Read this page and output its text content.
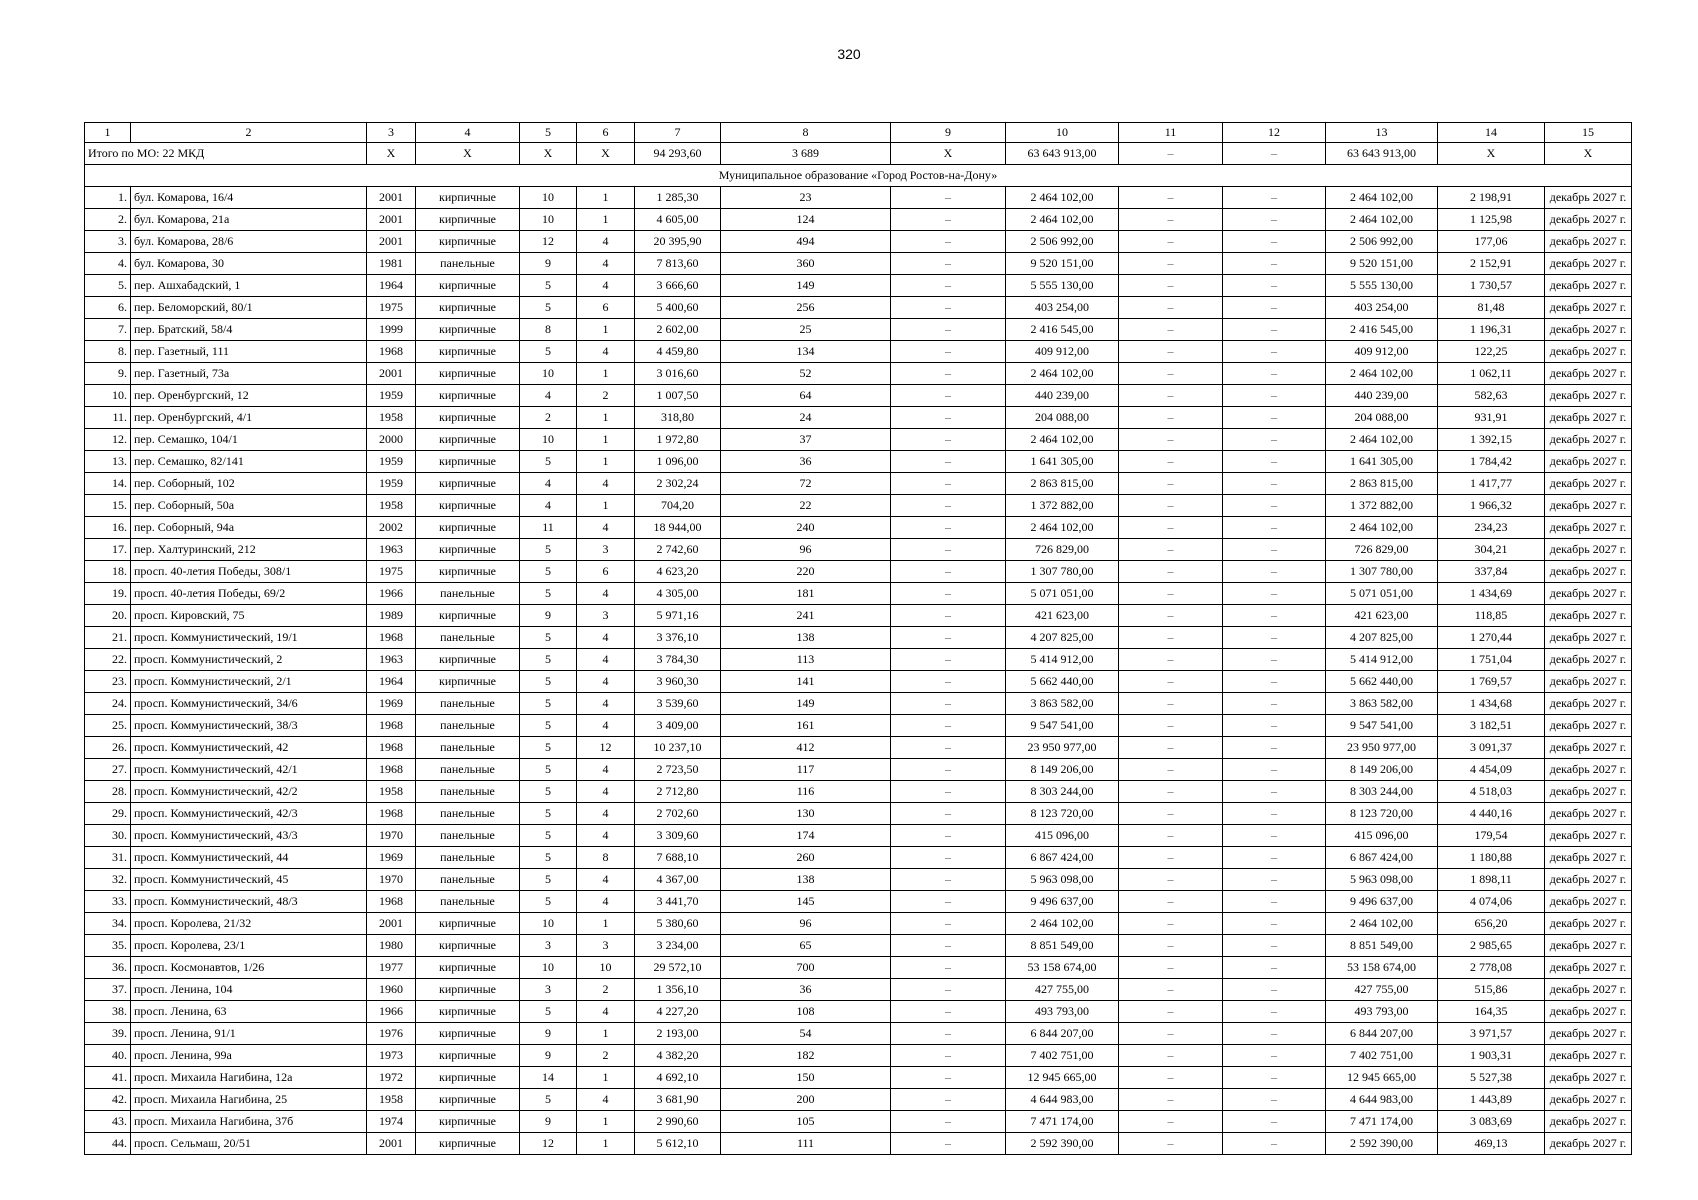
320
1	2	3	4	5	6	7	8	9	10	11	12	13	14	15
Итого по МО: 22 МКД		Х	Х	Х	Х	94 293,60	3 689	Х	63 643 913,00	–	–	63 643 913,00	Х	Х
Муниципальное образование «Город Ростов-на-Дону»														
1.	бул. Комарова, 16/4	2001	кирпичные	10	1	1 285,30	23	–	2 464 102,00	–	–	2 464 102,00	2 198,91	декабрь 2027 г.
2.	бул. Комарова, 21а	2001	кирпичные	10	1	4 605,00	124	–	2 464 102,00	–	–	2 464 102,00	1 125,98	декабрь 2027 г.
3.	бул. Комарова, 28/6	2001	кирпичные	12	4	20 395,90	494	–	2 506 992,00	–	–	2 506 992,00	177,06	декабрь 2027 г.
4.	бул. Комарова, 30	1981	панельные	9	4	7 813,60	360	–	9 520 151,00	–	–	9 520 151,00	2 152,91	декабрь 2027 г.
5.	пер. Ашхабадский, 1	1964	кирпичные	5	4	3 666,60	149	–	5 555 130,00	–	–	5 555 130,00	1 730,57	декабрь 2027 г.
6.	пер. Беломорский, 80/1	1975	кирпичные	5	6	5 400,60	256	–	403 254,00	–	–	403 254,00	81,48	декабрь 2027 г.
7.	пер. Братский, 58/4	1999	кирпичные	8	1	2 602,00	25	–	2 416 545,00	–	–	2 416 545,00	1 196,31	декабрь 2027 г.
8.	пер. Газетный, 111	1968	кирпичные	5	4	4 459,80	134	–	409 912,00	–	–	409 912,00	122,25	декабрь 2027 г.
9.	пер. Газетный, 73а	2001	кирпичные	10	1	3 016,60	52	–	2 464 102,00	–	–	2 464 102,00	1 062,11	декабрь 2027 г.
10.	пер. Оренбургский, 12	1959	кирпичные	4	2	1 007,50	64	–	440 239,00	–	–	440 239,00	582,63	декабрь 2027 г.
11.	пер. Оренбургский, 4/1	1958	кирпичные	2	1	318,80	24	–	204 088,00	–	–	204 088,00	931,91	декабрь 2027 г.
12.	пер. Семашко, 104/1	2000	кирпичные	10	1	1 972,80	37	–	2 464 102,00	–	–	2 464 102,00	1 392,15	декабрь 2027 г.
13.	пер. Семашко, 82/141	1959	кирпичные	5	1	1 096,00	36	–	1 641 305,00	–	–	1 641 305,00	1 784,42	декабрь 2027 г.
14.	пер. Соборный, 102	1959	кирпичные	4	4	2 302,24	72	–	2 863 815,00	–	–	2 863 815,00	1 417,77	декабрь 2027 г.
15.	пер. Соборный, 50а	1958	кирпичные	4	1	704,20	22	–	1 372 882,00	–	–	1 372 882,00	1 966,32	декабрь 2027 г.
16.	пер. Соборный, 94а	2002	кирпичные	11	4	18 944,00	240	–	2 464 102,00	–	–	2 464 102,00	234,23	декабрь 2027 г.
17.	пер. Халтуринский, 212	1963	кирпичные	5	3	2 742,60	96	–	726 829,00	–	–	726 829,00	304,21	декабрь 2027 г.
18.	просп. 40-летия Победы, 308/1	1975	кирпичные	5	6	4 623,20	220	–	1 307 780,00	–	–	1 307 780,00	337,84	декабрь 2027 г.
19.	просп. 40-летия Победы, 69/2	1966	панельные	5	4	4 305,00	181	–	5 071 051,00	–	–	5 071 051,00	1 434,69	декабрь 2027 г.
20.	просп. Кировский, 75	1989	кирпичные	9	3	5 971,16	241	–	421 623,00	–	–	421 623,00	118,85	декабрь 2027 г.
21.	просп. Коммунистический, 19/1	1968	панельные	5	4	3 376,10	138	–	4 207 825,00	–	–	4 207 825,00	1 270,44	декабрь 2027 г.
22.	просп. Коммунистический, 2	1963	кирпичные	5	4	3 784,30	113	–	5 414 912,00	–	–	5 414 912,00	1 751,04	декабрь 2027 г.
23.	просп. Коммунистический, 2/1	1964	кирпичные	5	4	3 960,30	141	–	5 662 440,00	–	–	5 662 440,00	1 769,57	декабрь 2027 г.
24.	просп. Коммунистический, 34/6	1969	панельные	5	4	3 539,60	149	–	3 863 582,00	–	–	3 863 582,00	1 434,68	декабрь 2027 г.
25.	просп. Коммунистический, 38/3	1968	панельные	5	4	3 409,00	161	–	9 547 541,00	–	–	9 547 541,00	3 182,51	декабрь 2027 г.
26.	просп. Коммунистический, 42	1968	панельные	5	12	10 237,10	412	–	23 950 977,00	–	–	23 950 977,00	3 091,37	декабрь 2027 г.
27.	просп. Коммунистический, 42/1	1968	панельные	5	4	2 723,50	117	–	8 149 206,00	–	–	8 149 206,00	4 454,09	декабрь 2027 г.
28.	просп. Коммунистический, 42/2	1958	панельные	5	4	2 712,80	116	–	8 303 244,00	–	–	8 303 244,00	4 518,03	декабрь 2027 г.
29.	просп. Коммунистический, 42/3	1968	панельные	5	4	2 702,60	130	–	8 123 720,00	–	–	8 123 720,00	4 440,16	декабрь 2027 г.
30.	просп. Коммунистический, 43/3	1970	панельные	5	4	3 309,60	174	–	415 096,00	–	–	415 096,00	179,54	декабрь 2027 г.
31.	просп. Коммунистический, 44	1969	панельные	5	8	7 688,10	260	–	6 867 424,00	–	–	6 867 424,00	1 180,88	декабрь 2027 г.
32.	просп. Коммунистический, 45	1970	панельные	5	4	4 367,00	138	–	5 963 098,00	–	–	5 963 098,00	1 898,11	декабрь 2027 г.
33.	просп. Коммунистический, 48/3	1968	панельные	5	4	3 441,70	145	–	9 496 637,00	–	–	9 496 637,00	4 074,06	декабрь 2027 г.
34.	просп. Королева, 21/32	2001	кирпичные	10	1	5 380,60	96	–	2 464 102,00	–	–	2 464 102,00	656,20	декабрь 2027 г.
35.	просп. Королева, 23/1	1980	кирпичные	3	3	3 234,00	65	–	8 851 549,00	–	–	8 851 549,00	2 985,65	декабрь 2027 г.
36.	просп. Космонавтов, 1/26	1977	кирпичные	10	10	29 572,10	700	–	53 158 674,00	–	–	53 158 674,00	2 778,08	декабрь 2027 г.
37.	просп. Ленина, 104	1960	кирпичные	3	2	1 356,10	36	–	427 755,00	–	–	427 755,00	515,86	декабрь 2027 г.
38.	просп. Ленина, 63	1966	кирпичные	5	4	4 227,20	108	–	493 793,00	–	–	493 793,00	164,35	декабрь 2027 г.
39.	просп. Ленина, 91/1	1976	кирпичные	9	1	2 193,00	54	–	6 844 207,00	–	–	6 844 207,00	3 971,57	декабрь 2027 г.
40.	просп. Ленина, 99а	1973	кирпичные	9	2	4 382,20	182	–	7 402 751,00	–	–	7 402 751,00	1 903,31	декабрь 2027 г.
41.	просп. Михаила Нагибина, 12а	1972	кирпичные	14	1	4 692,10	150	–	12 945 665,00	–	–	12 945 665,00	5 527,38	декабрь 2027 г.
42.	просп. Михаила Нагибина, 25	1958	кирпичные	5	4	3 681,90	200	–	4 644 983,00	–	–	4 644 983,00	1 443,89	декабрь 2027 г.
43.	просп. Михаила Нагибина, 37б	1974	кирпичные	9	1	2 990,60	105	–	7 471 174,00	–	–	7 471 174,00	3 083,69	декабрь 2027 г.
44.	просп. Сельмаш, 20/51	2001	кирпичные	12	1	5 612,10	111	–	2 592 390,00	–	–	2 592 390,00	469,13	декабрь 2027 г.
